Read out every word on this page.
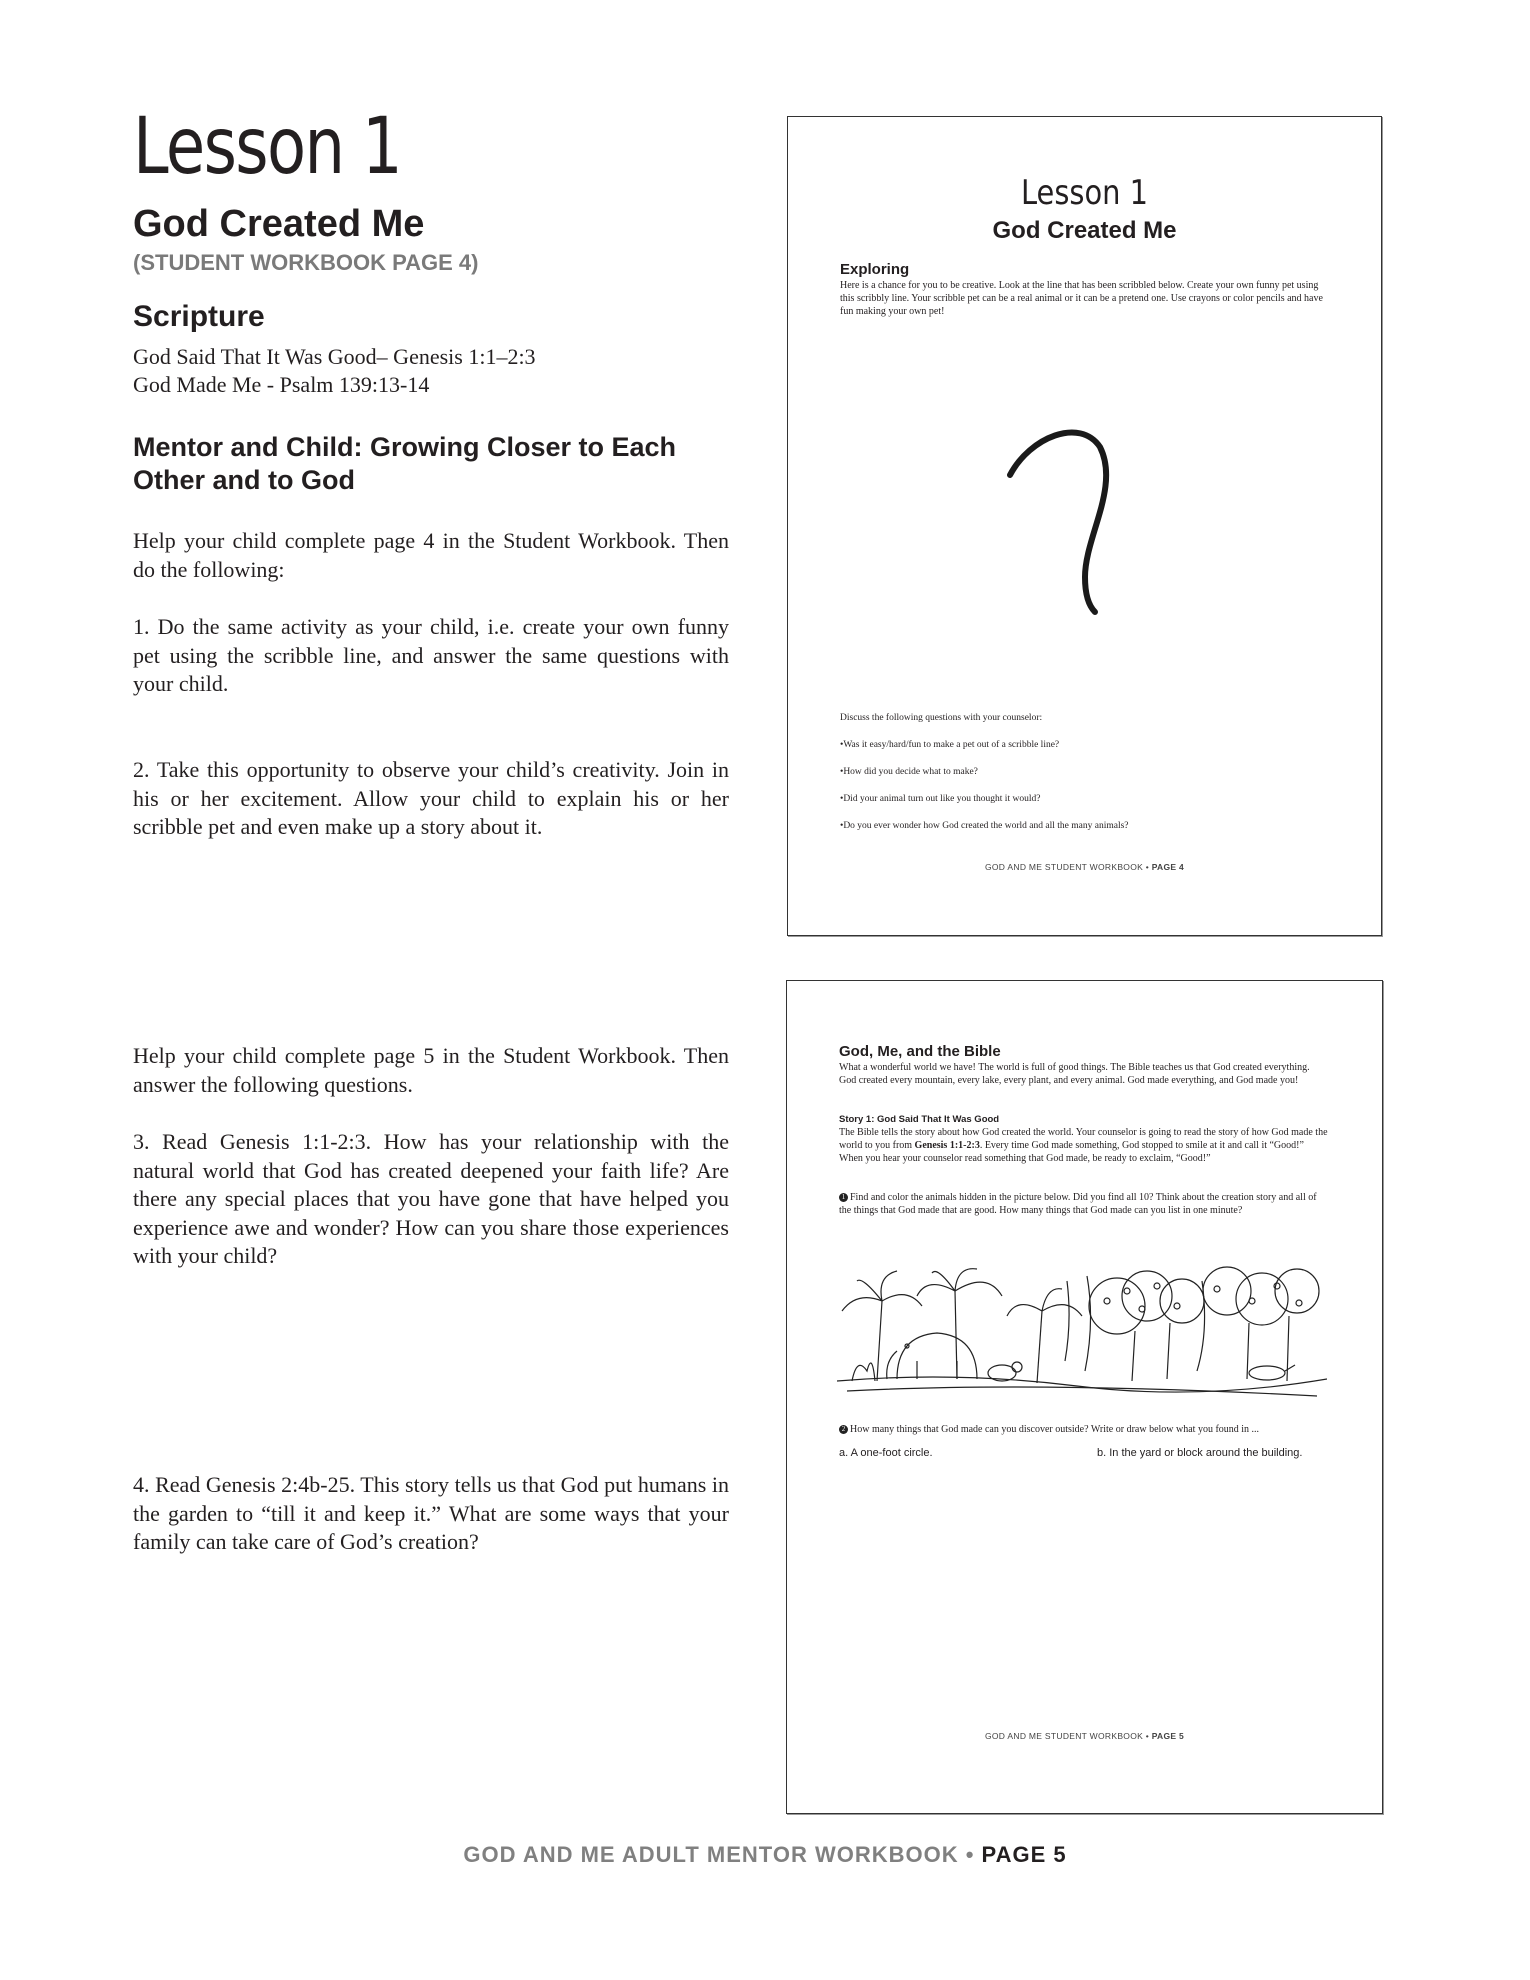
Lesson 1
God Created Me
(STUDENT WORKBOOK PAGE 4)
Scripture
God Said That It Was Good– Genesis 1:1–2:3
God Made Me - Psalm 139:13-14
Mentor and Child: Growing Closer to Each Other and to God
Help your child complete page 4 in the Student Workbook. Then do the following:
1. Do the same activity as your child, i.e. create your own funny pet using the scribble line, and answer the same questions with your child.
2. Take this opportunity to observe your child’s creativity. Join in his or her excitement. Allow your child to explain his or her scribble pet and even make up a story about it.
Help your child complete page 5 in the Student Workbook. Then answer the following questions.
3. Read Genesis 1:1-2:3. How has your relationship with the natural world that God has created deepened your faith life? Are there any special places that you have gone that have helped you experience awe and wonder? How can you share those experiences with your child?
4. Read Genesis 2:4b-25. This story tells us that God put humans in the garden to “till it and keep it.” What are some ways that your family can take care of God’s creation?
Lesson 1
God Created Me
Exploring
Here is a chance for you to be creative. Look at the line that has been scribbled below. Create your own funny pet using this scribbly line. Your scribble pet can be a real animal or it can be a pretend one. Use crayons or color pencils and have fun making your own pet!
Discuss the following questions with your counselor:
•Was it easy/hard/fun to make a pet out of a scribble line?
•How did you decide what to make?
•Did your animal turn out like you thought it would?
•Do you ever wonder how God created the world and all the many animals?
GOD AND ME STUDENT WORKBOOK • PAGE 4
God, Me, and the Bible
What a wonderful world we have! The world is full of good things. The Bible teaches us that God created everything. God created every mountain, every lake, every plant, and every animal. God made everything, and God made you!
Story 1: God Said That It Was Good
The Bible tells the story about how God created the world. Your counselor is going to read the story of how God made the world to you from Genesis 1:1-2:3. Every time God made something, God stopped to smile at it and call it “Good!” When you hear your counselor read something that God made, be ready to exclaim, “Good!”
1 Find and color the animals hidden in the picture below. Did you find all 10? Think about the creation story and all of the things that God made that are good. How many things that God made can you list in one minute?
2 How many things that God made can you discover outside? Write or draw below what you found in ...
a. A one-foot circle.	b. In the yard or block around the building.
GOD AND ME STUDENT WORKBOOK • PAGE 5
GOD AND ME ADULT MENTOR WORKBOOK • PAGE 5
